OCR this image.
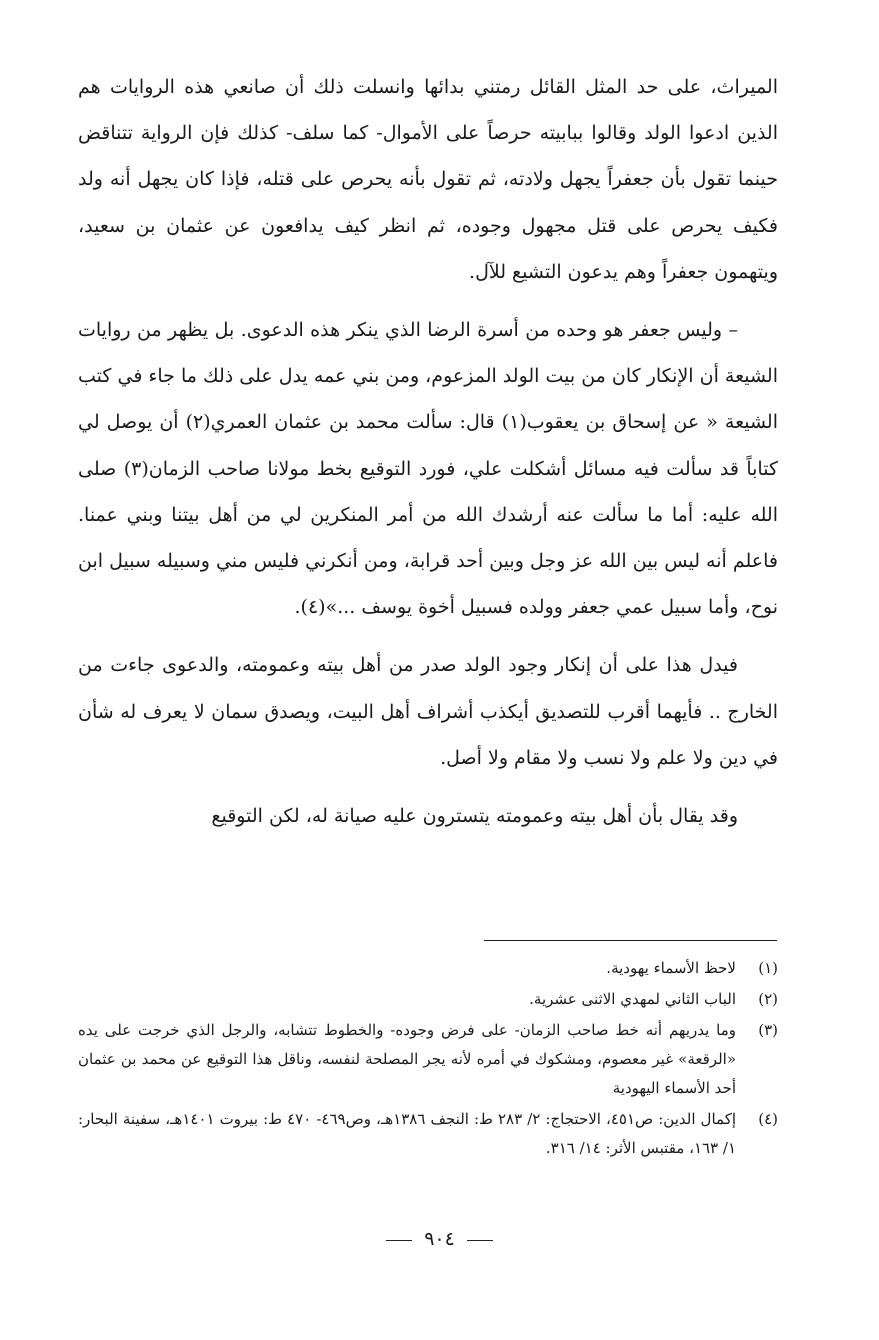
الميراث، على حد المثل القائل رمتني بدائها وانسلت ذلك أن صانعي هذه الروايات هم الذين ادعوا الولد وقالوا ببابيته حرصاً على الأموال- كما سلف- كذلك فإن الرواية تتناقض حينما تقول بأن جعفراً يجهل ولادته، ثم تقول بأنه يحرص على قتله، فإذا كان يجهل أنه ولد فكيف يحرص على قتل مجهول وجوده، ثم انظر كيف يدافعون عن عثمان بن سعيد، ويتهمون جعفراً وهم يدعون التشيع للآل.

– وليس جعفر هو وحده من أسرة الرضا الذي ينكر هذه الدعوى. بل يظهر من روايات الشيعة أن الإنكار كان من بيت الولد المزعوم، ومن بني عمه يدل على ذلك ما جاء في كتب الشيعة « عن إسحاق بن يعقوب(١) قال: سألت محمد بن عثمان العمري(٢) أن يوصل لي كتاباً قد سألت فيه مسائل أشكلت علي، فورد التوقيع بخط مولانا صاحب الزمان(٣) صلى الله عليه: أما ما سألت عنه أرشدك الله من أمر المنكرين لي من أهل بيتنا وبني عمنا. فاعلم أنه ليس بين الله عز وجل وبين أحد قرابة، ومن أنكرني فليس مني وسبيله سبيل ابن نوح، وأما سبيل عمي جعفر وولده فسبيل أخوة يوسف ...»(٤).

فيدل هذا على أن إنكار وجود الولد صدر من أهل بيته وعمومته، والدعوى جاءت من الخارج .. فأيهما أقرب للتصديق أيكذب أشراف أهل البيت، ويصدق سمان لا يعرف له شأن في دين ولا علم ولا نسب ولا مقام ولا أصل.

وقد يقال بأن أهل بيته وعمومته يتسترون عليه صيانة له، لكن التوقيع

(١)
لاحظ الأسماء يهودية.
(٢)
الباب الثاني لمهدي الاثنى عشرية.
(٣)
وما يدريهم أنه خط صاحب الزمان- على فرض وجوده- والخطوط تتشابه، والرجل الذي خرجت على يده «الرقعة» غير معصوم، ومشكوك في أمره لأنه يجر المصلحة لنفسه، وناقل هذا التوقيع عن محمد بن عثمان أحد الأسماء اليهودية
(٤)
إكمال الدين: ص٤٥١، الاحتجاج: ٢/ ٢٨٣ ط: النجف ١٣٨٦هـ، وص٤٦٩- ٤٧٠ ط: بيروت ١٤٠١هـ، سفينة البحار: ١/ ١٦٣، مقتبس الأثر: ١٤/ ٣١٦.
٩٠٤
